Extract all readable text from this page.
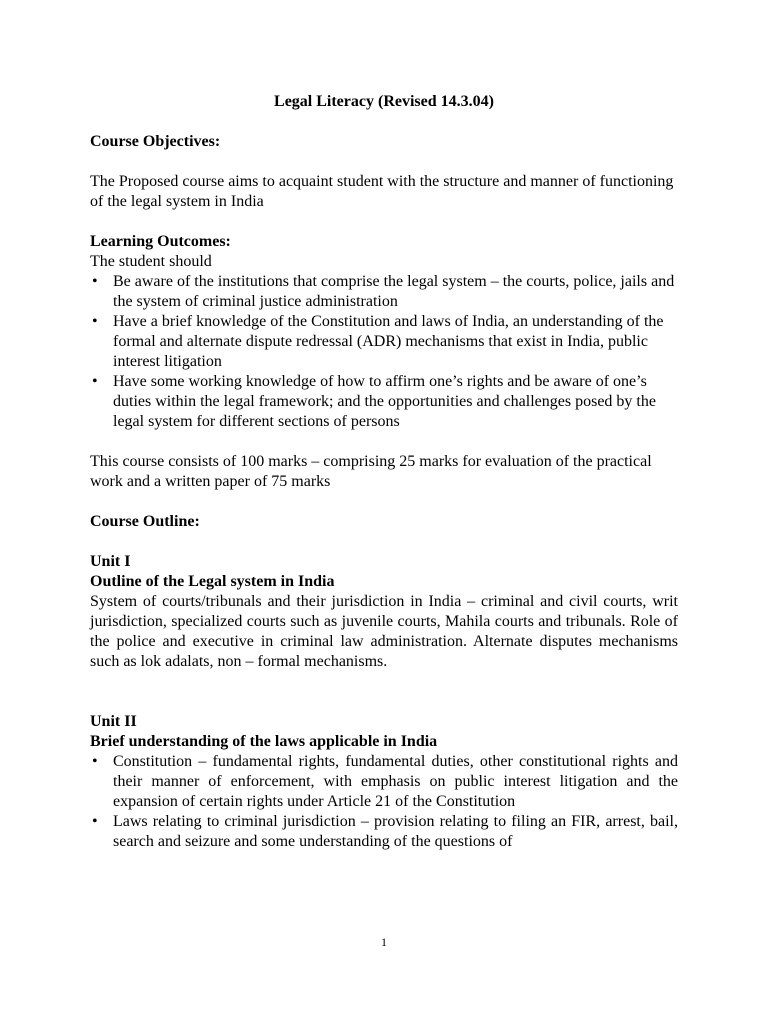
Legal Literacy (Revised 14.3.04)

Course Objectives:

The Proposed course aims to acquaint student with the structure and manner of functioning of the legal system in India

Learning Outcomes:

The student should

• Be aware of the institutions that comprise the legal system – the courts, police, jails and the system of criminal justice administration
• Have a brief knowledge of the Constitution and laws of India, an understanding of the formal and alternate dispute redressal (ADR) mechanisms that exist in India, public interest litigation
• Have some working knowledge of how to affirm one’s rights and be aware of one’s duties within the legal framework; and the opportunities and challenges posed by the legal system for different sections of persons

This course consists of 100 marks – comprising 25 marks for evaluation of the practical work and a written paper of 75 marks

Course Outline:

Unit I

Outline of the Legal system in India

System of courts/tribunals and their jurisdiction in India – criminal and civil courts, writ jurisdiction, specialized courts such as juvenile courts, Mahila courts and tribunals. Role of the police and executive in criminal law administration. Alternate disputes mechanisms such as lok adalats, non – formal mechanisms.

Unit II

Brief understanding of the laws applicable in India

• Constitution – fundamental rights, fundamental duties, other constitutional rights and their manner of enforcement, with emphasis on public interest litigation and the expansion of certain rights under Article 21 of the Constitution
• Laws relating to criminal jurisdiction – provision relating to filing an FIR, arrest, bail, search and seizure and some understanding of the questions of
1
